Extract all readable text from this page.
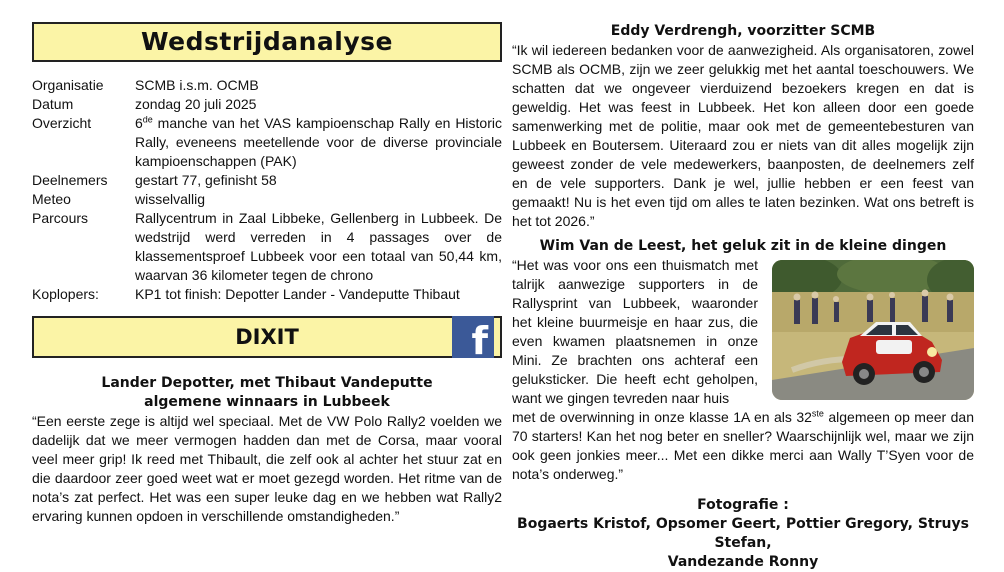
Wedstrijdanalyse
Organisatie	SCMB i.s.m. OCMB
Datum	zondag 20 juli 2025
Overzicht	6de manche van het VAS kampioenschap Rally en Historic Rally, eveneens meetellende voor de diverse provinciale kampioenschappen (PAK)
Deelnemers	gestart 77, gefinisht 58
Meteo	wisselvallig
Parcours	Rallycentrum in Zaal Libbeke, Gellenberg in Lubbeek. De wedstrijd werd verreden in 4 passages over de klassementsproef Lubbeek voor een totaal van 50,44 km, waarvan 36 kilometer tegen de chrono
Koplopers:	KP1 tot finish: Depotter Lander - Vandeputte Thibaut
DIXIT	f
Lander Depotter, met Thibaut Vandeputte
algemene winnaars in Lubbeek
“Een eerste zege is altijd wel speciaal. Met de VW Polo Rally2 voelden we dadelijk dat we meer vermogen hadden dan met de Corsa, maar vooral veel meer grip! Ik reed met Thibault, die zelf ook al achter het stuur zat en die daardoor zeer goed weet wat er moet gezegd worden. Het ritme van de nota’s zat perfect. Het was een super leuke dag en we hebben wat Rally2 ervaring kunnen opdoen in verschillende omstandigheden.”
Eddy Verdrengh, voorzitter SCMB
“Ik wil iedereen bedanken voor de aanwezigheid. Als organisatoren, zowel SCMB als OCMB, zijn we zeer gelukkig met het aantal toeschouwers. We schatten dat we ongeveer vierduizend bezoekers kregen en dat is geweldig. Het was feest in Lubbeek. Het kon alleen door een goede samenwerking met de politie, maar ook met de gemeentebesturen van Lubbeek en Boutersem. Uiteraard zou er niets van dit alles mogelijk zijn geweest zonder de vele medewerkers, baanposten, de deelnemers zelf en de vele supporters. Dank je wel, jullie hebben er een feest van gemaakt! Nu is het even tijd om alles te laten bezinken. Wat ons betreft is het tot 2026.”
Wim Van de Leest, het geluk zit in de kleine dingen
“Het was voor ons een thuismatch met talrijk aanwezige supporters in de Rallysprint van Lubbeek, waaronder het kleine buurmeisje en haar zus, die even kwamen plaatsnemen in onze Mini. Ze brachten ons achteraf een geluksticker. Die heeft echt geholpen, want we gingen tevreden naar huis
met de overwinning in onze klasse 1A en als 32ste algemeen op meer dan 70 starters! Kan het nog beter en sneller? Waarschijnlijk wel, maar we zijn ook geen jonkies meer... Met een dikke merci aan Wally T’Syen voor de nota’s onderweg.”
Fotografie :
Bogaerts Kristof, Opsomer Geert, Pottier Gregory, Struys Stefan,
Vandezande Ronny
